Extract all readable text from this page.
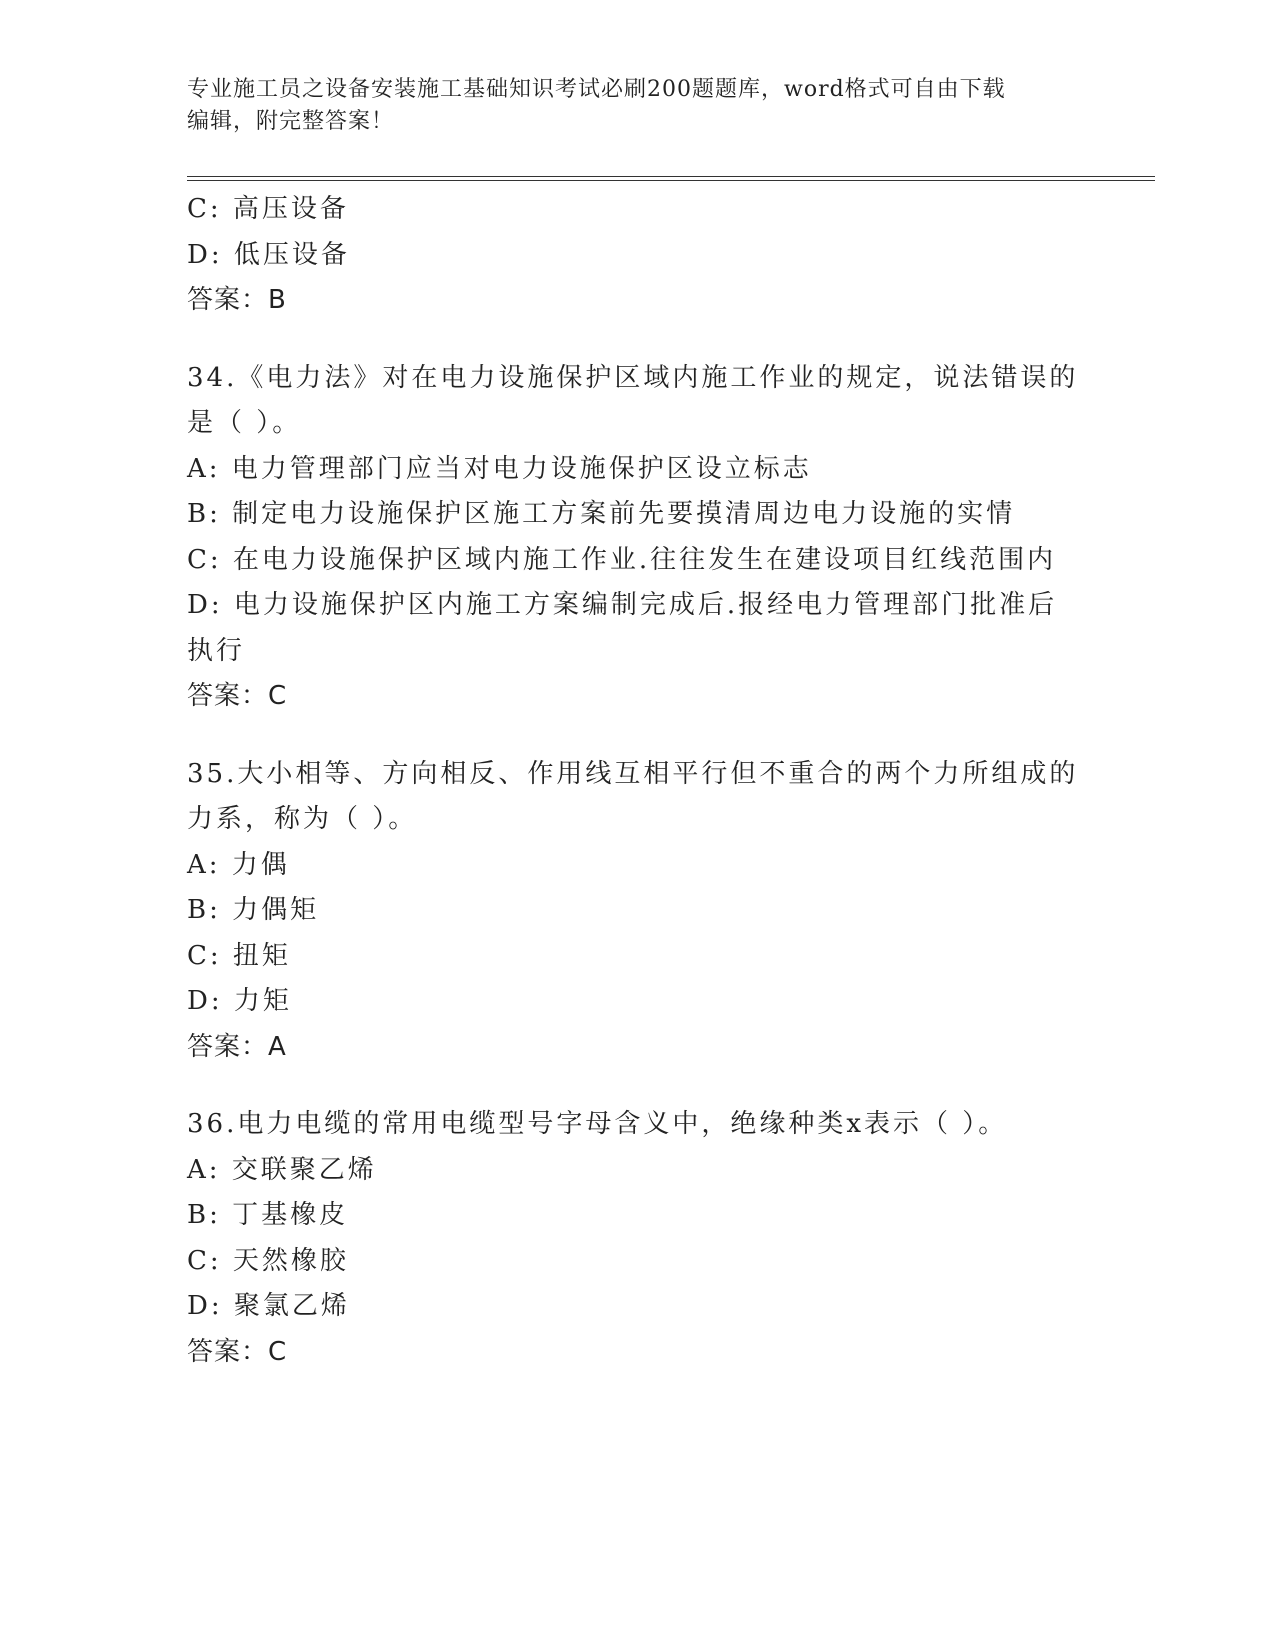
专业施工员之设备安装施工基础知识考试必刷200题题库，word格式可自由下载
编辑，附完整答案！
C: 高压设备
D: 低压设备
答案：B
34.《电力法》对在电力设施保护区域内施工作业的规定，说法错误的
是（ ）。
A: 电力管理部门应当对电力设施保护区设立标志
B: 制定电力设施保护区施工方案前先要摸清周边电力设施的实情
C: 在电力设施保护区域内施工作业.往往发生在建设项目红线范围内
D: 电力设施保护区内施工方案编制完成后.报经电力管理部门批准后
执行
答案：C
35.大小相等、方向相反、作用线互相平行但不重合的两个力所组成的
力系，称为（ ）。
A: 力偶
B: 力偶矩
C: 扭矩
D: 力矩
答案：A
36.电力电缆的常用电缆型号字母含义中，绝缘种类x表示（ ）。
A: 交联聚乙烯
B: 丁基橡皮
C: 天然橡胶
D: 聚氯乙烯
答案：C
